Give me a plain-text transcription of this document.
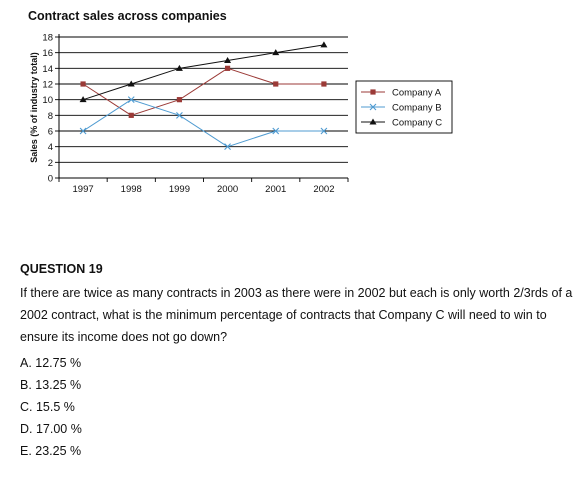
Contract sales across companies
0
2
4
6
8
10
12
14
16
18
1997	1998	1999	2000	2001	2002
Sales (% of industry total)	Company A
Company B
Company C
QUESTION 19

If there are twice as many contracts in 2003 as there were in 2002 but each is only worth 2/3rds of a 2002 contract, what is the minimum percentage of contracts that Company C will need to win to ensure its income does not go down?

A. 12.75 %
B. 13.25 %
C. 15.5 %
D. 17.00 %
E. 23.25 %
